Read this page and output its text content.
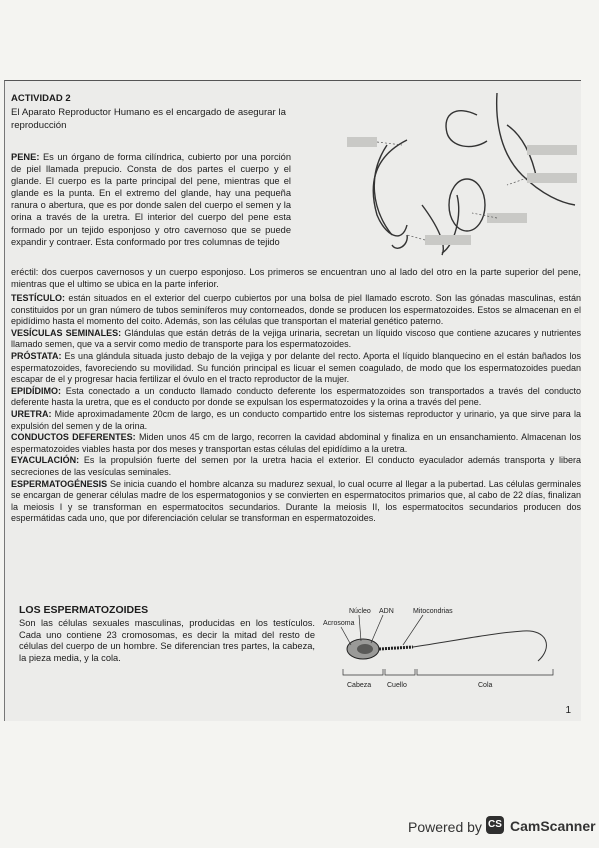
ACTIVIDAD 2
El Aparato Reproductor Humano es el encargado de asegurar la reproducción
PENE: Es un órgano de forma cilíndrica, cubierto por una porción de piel llamada prepucio. Consta de dos partes el cuerpo y el glande. El cuerpo es la parte principal del pene, mientras que el glande es la punta. En el extremo del glande, hay una pequeña ranura o abertura, que es por donde salen del cuerpo el semen y la orina a través de la uretra. El interior del cuerpo del pene esta formado por un tejido esponjoso y otro cavernoso que se puede expandir y contraer. Esta conformado por tres columnas de tejido
eréctil: dos cuerpos cavernosos y un cuerpo esponjoso. Los primeros se encuentran uno al lado del otro en la parte superior del pene, mientras que el ultimo se ubica en la parte inferior.

TESTÍCULO: están situados en el exterior del cuerpo cubiertos por una bolsa de piel llamado escroto. Son las gónadas masculinas, están constituidos por un gran número de tubos seminíferos muy contorneados, donde se producen los espermatozoides. Estos se almacenan en el epidídimo hasta el momento del coito. Además, son las células que transportan el material genético paterno.

VESÍCULAS SEMINALES: Glándulas que están detrás de la vejiga urinaria, secretan un líquido viscoso que contiene azucares y nutrientes llamado semen, que va a servir como medio de transporte para los espermatozoides.

PRÓSTATA: Es una glándula situada justo debajo de la vejiga y por delante del recto. Aporta el líquido blanquecino en el están bañados los espermatozoides, favoreciendo su movilidad. Su función principal es licuar el semen coagulado, de modo que los espermatozoides puedan escapar de el y progresar hacia fertilizar el óvulo en el tracto reproductor de la mujer.

EPIDÍDIMO: Esta conectado a un conducto llamado conducto deferente los espermatozoides son transportados a través del conducto deferente hasta la uretra, que es el conducto por donde se expulsan los espermatozoides y la orina a través del pene.

URETRA: Mide aproximadamente 20cm de largo, es un conducto compartido entre los sistemas reproductor y urinario, ya que sirve para la expulsión del semen y de la orina.

CONDUCTOS DEFERENTES: Miden unos 45 cm de largo, recorren la cavidad abdominal y finaliza en un ensanchamiento. Almacenan los espermatozoides viables hasta por dos meses y transportan estas células del epidídimo a la uretra.

EYACULACIÓN: Es la propulsión fuerte del semen por la uretra hacia el exterior. El conducto eyaculador además transporta y libera secreciones de las vesículas seminales.

ESPERMATOGÉNESIS Se inicia cuando el hombre alcanza su madurez sexual, lo cual ocurre al llegar a la pubertad. Las células germinales se encargan de generar células madre de los espermatogonios y se convierten en espermatocitos primarios que, al cabo de 22 días, finalizan la meiosis I y se transforman en espermatocitos secundarios. Durante la meiosis II, los espermatocitos secundarios producen dos espermátidas cada uno, que por diferenciación celular se transforman en espermatozoides.

LOS ESPERMATOZOIDES
Son las células sexuales masculinas, producidas en los testículos. Cada uno contiene 23 cromosomas, es decir la mitad del resto de células del cuerpo de un hombre. Se diferencian tres partes, la cabeza, la pieza media, y la cola.
Núcleo ADN	Mitocondrias
Acrosoma
Cabeza Cuello	Cola
1
Powered by CS CamScanner
